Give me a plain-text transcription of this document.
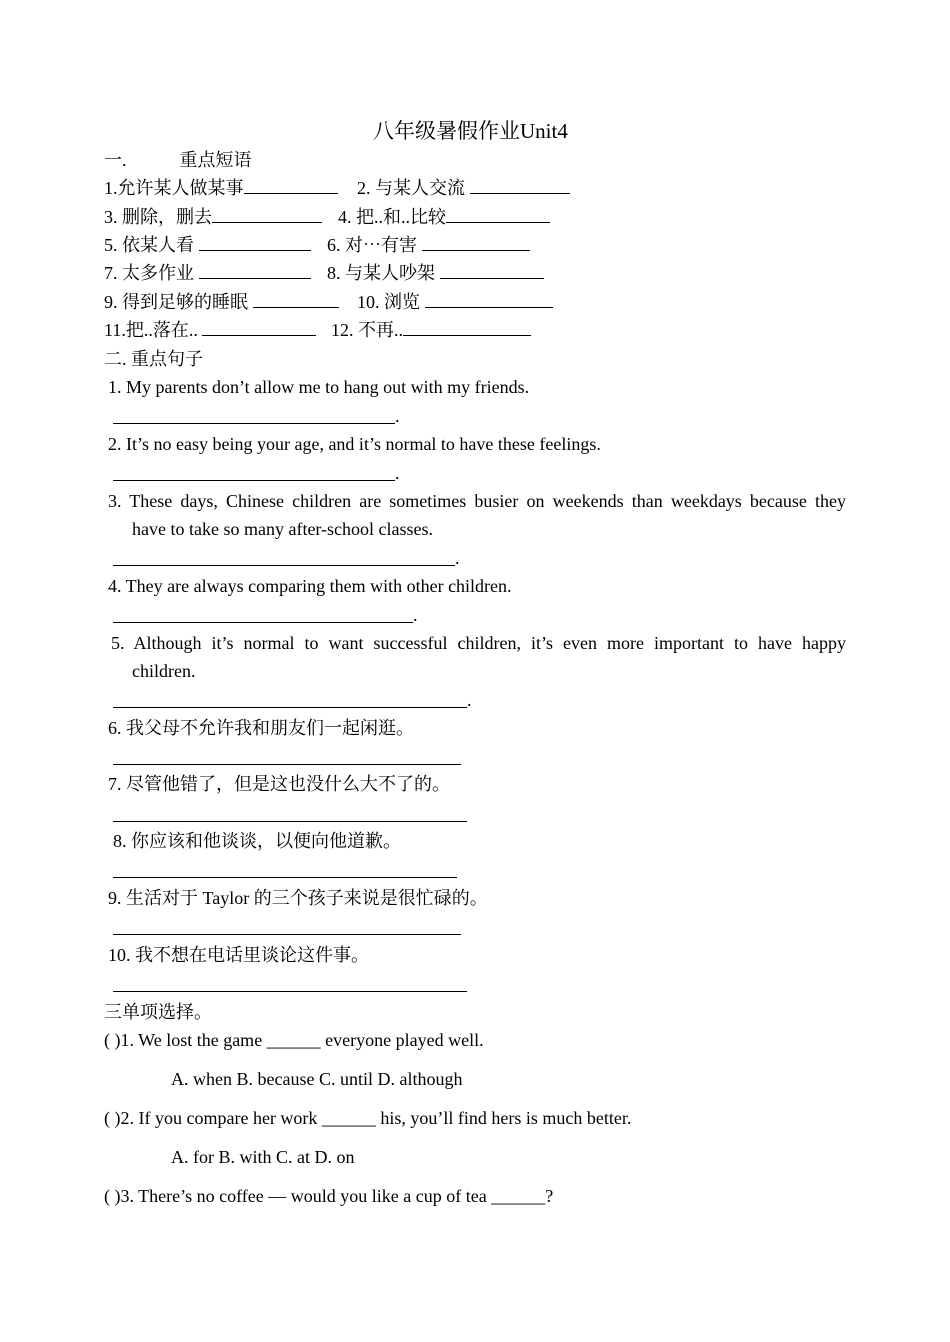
八年级暑假作业Unit4
一.	重点短语
1.允许某人做某事	2. 与某人交流
3. 删除，删去	4. 把..和..比较
5. 依某人看	6. 对⋯有害
7. 太多作业	8. 与某人吵架
9. 得到足够的睡眠	10. 浏览
11.把..落在..	12. 不再..
二. 重点句子
1. My parents don’t allow me to hang out with my friends.
.
2. It’s no easy being your age, and it’s normal to have these feelings.
.
3. These days, Chinese children are sometimes busier on weekends than weekdays because they
have to take so many after-school classes.
.
4. They are always comparing them with other children.
.
5. Although it’s normal to want successful children, it’s even more important to have happy
children.
.
6. 我父母不允许我和朋友们一起闲逛。
7. 尽管他错了，但是这也没什么大不了的。
8. 你应该和他谈谈，以便向他道歉。
9. 生活对于 Taylor 的三个孩子来说是很忙碌的。
10. 我不想在电话里谈论这件事。
三单项选择。
( )1. We lost the game ______ everyone played well.
A. when B. because C. until D. although
( )2. If you compare her work ______ his, you’ll find hers is much better.
A. for B. with C. at D. on
( )3. There’s no coffee — would you like a cup of tea ______?
